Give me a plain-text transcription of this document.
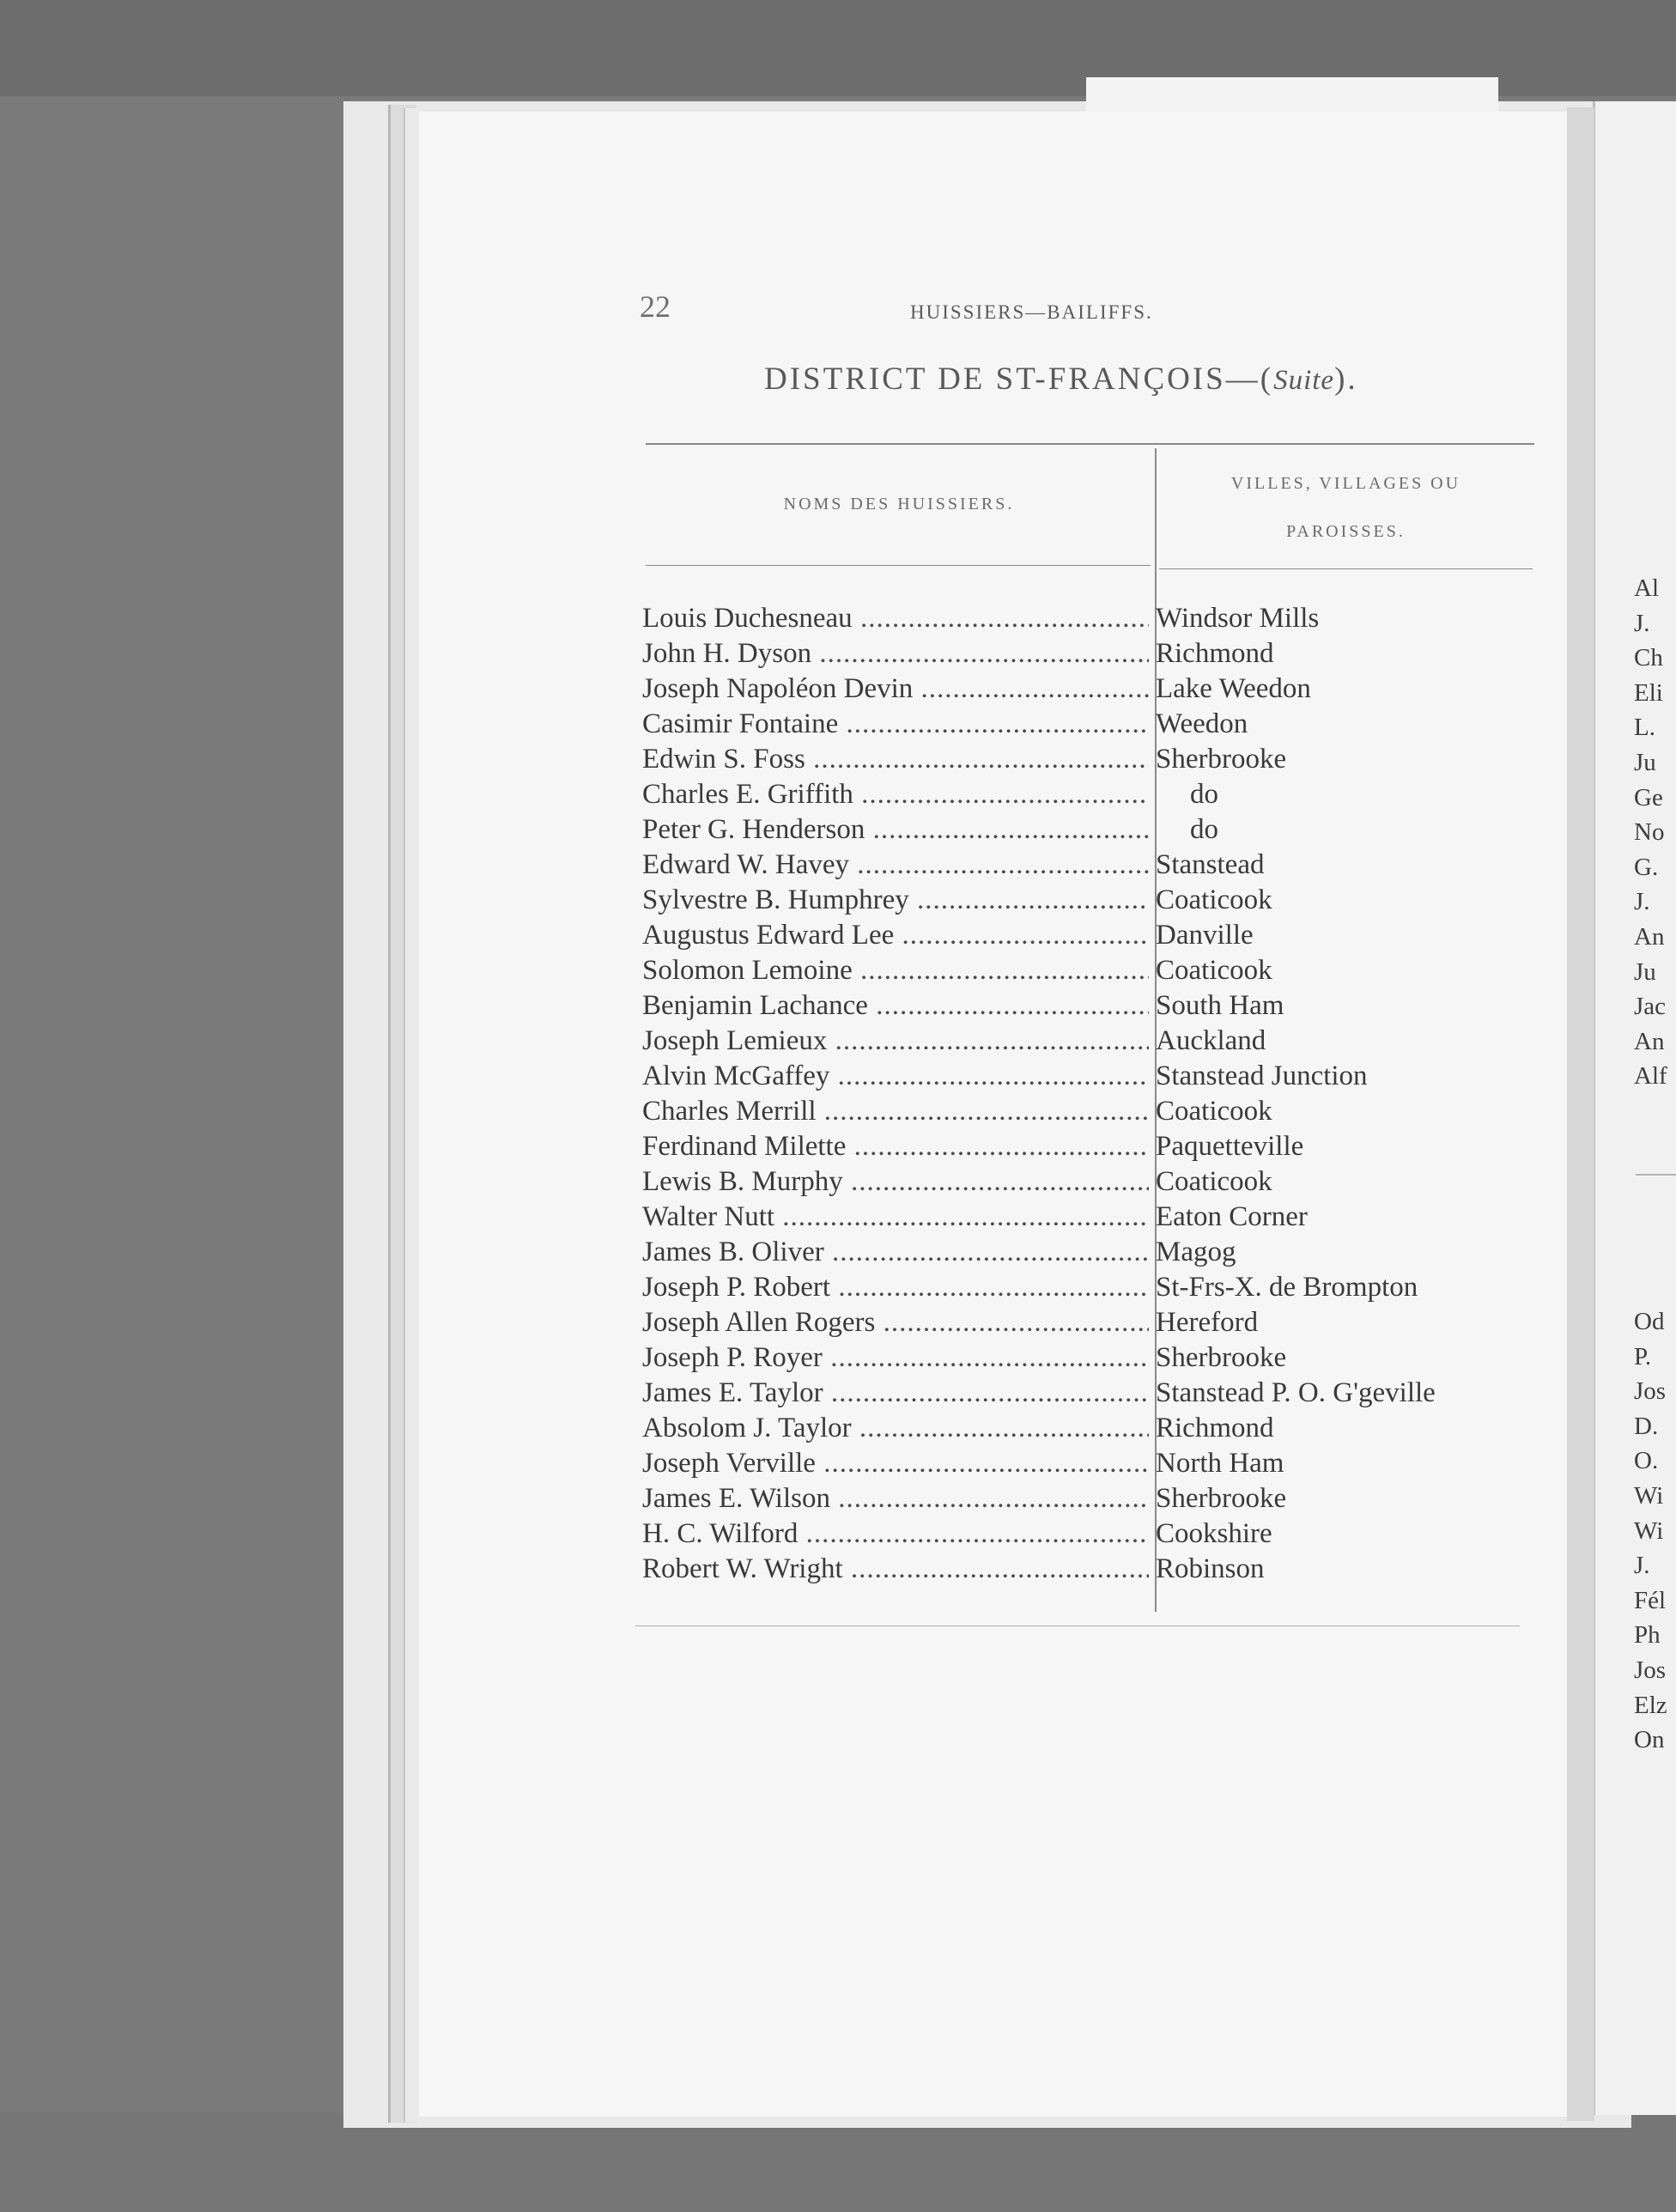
Al
J.
Ch
Eli
L.
Ju
Ge
No
G.
J.
An
Ju
Jac
An
Alf
Od
P.
Jos
D.
O.
Wi
Wi
J.
Fél
Ph
Jos
Elz
On
22	HUISSIERS—BAILIFFS.
DISTRICT DE ST-FRANÇOIS—(Suite).
NOMS DES HUISSIERS.
VILLES, VILLAGES OU
PAROISSES.
Louis Duchesneau .....	Windsor Mills
John H. Dyson .....	Richmond
Joseph Napoléon Devin .....	Lake Weedon
Casimir Fontaine .....	Weedon
Edwin S. Foss .....	Sherbrooke
Charles E. Griffith .....	do
Peter G. Henderson .....	do
Edward W. Havey .....	Stanstead
Sylvestre B. Humphrey .....	Coaticook
Augustus Edward Lee .....	Danville
Solomon Lemoine .....	Coaticook
Benjamin Lachance .....	South Ham
Joseph Lemieux .....	Auckland
Alvin McGaffey .....	Stanstead Junction
Charles Merrill .....	Coaticook
Ferdinand Milette .....	Paquetteville
Lewis B. Murphy .....	Coaticook
Walter Nutt .....	Eaton Corner
James B. Oliver .....	Magog
Joseph P. Robert .....	St-Frs-X. de Brompton
Joseph Allen Rogers .....	Hereford
Joseph P. Royer .....	Sherbrooke
James E. Taylor .....	Stanstead P. O. G'geville
Absolom J. Taylor .....	Richmond
Joseph Verville .....	North Ham
James E. Wilson .....	Sherbrooke
H. C. Wilford .....	Cookshire
Robert W. Wright .....	Robinson
